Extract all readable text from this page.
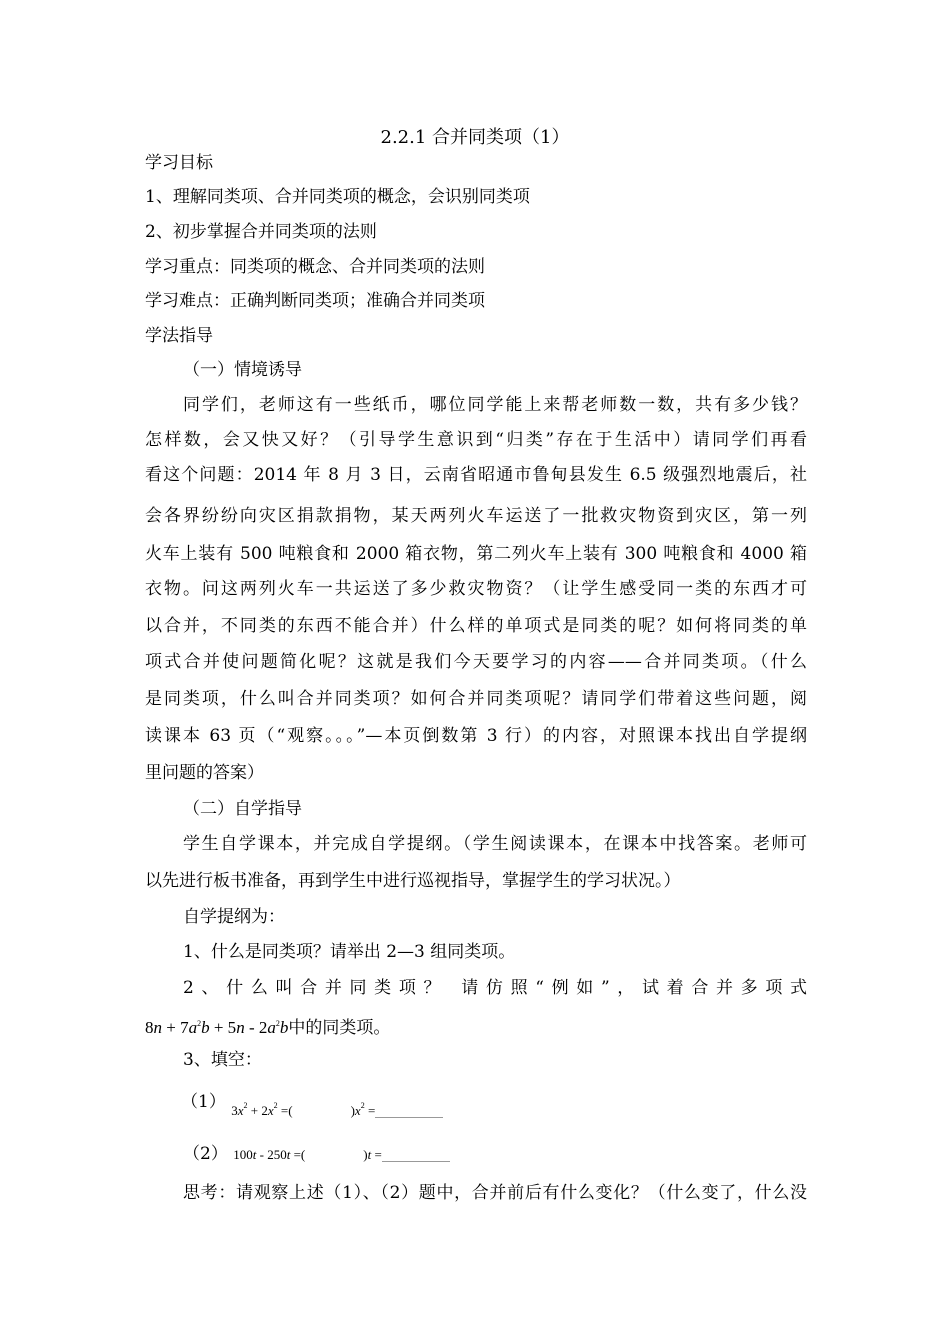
2.2.1 合并同类项（1）
学习目标
1、理解同类项、合并同类项的概念，会识别同类项
2、初步掌握合并同类项的法则
学习重点：同类项的概念、合并同类项的法则
学习难点：正确判断同类项；准确合并同类项
学法指导
（一）情境诱导
同学们，老师这有一些纸币，哪位同学能上来帮老师数一数，共有多少钱？
怎样数，会又快又好？（引导学生意识到“归类”存在于生活中）请同学们再看
看这个问题：2014 年 8 月 3 日，云南省昭通市鲁甸县发生 6.5 级强烈地震后，社
会各界纷纷向灾区捐款捐物，某天两列火车运送了一批救灾物资到灾区，第一列
火车上装有 500 吨粮食和 2000 箱衣物，第二列火车上装有 300 吨粮食和 4000 箱
衣物。问这两列火车一共运送了多少救灾物资？（让学生感受同一类的东西才可
以合并，不同类的东西不能合并）什么样的单项式是同类的呢？如何将同类的单
项式合并使问题简化呢？这就是我们今天要学习的内容——合并同类项。（什么
是同类项，什么叫合并同类项？如何合并同类项呢？请同学们带着这些问题，阅
读课本 63 页（“观察。。。”—本页倒数第 3 行）的内容，对照课本找出自学提纲
里问题的答案）
（二）自学指导
学生自学课本，并完成自学提纲。（学生阅读课本，在课本中找答案。老师可
以先进行板书准备，再到学生中进行巡视指导，掌握学生的学习状况。）
自学提纲为：
1、什么是同类项？请举出 2—3 组同类项。
2、什么叫合并同类项？ 请仿照“例如”，试着合并多项式
$8n + 7a^2b + 5n - 2a^2b$中的同类项。
3、填空：
（1） $_{3x^2 + 2x^2 =( )x^2 =}$
（2） 100t - 250t =(	)t =
思考：请观察上述（1）、（2）题中，合并前后有什么变化？（什么变了，什么没
